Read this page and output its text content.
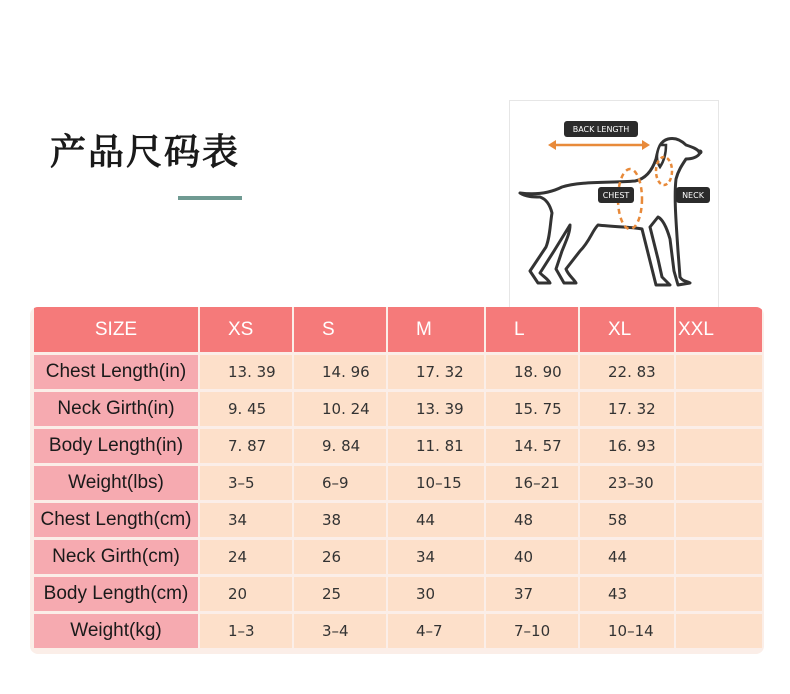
产品尺码表
BACK LENGTH
CHEST	NECK
SIZE	XS	S	M	L	XL	XXL
Chest Length(in)	13. 39	14. 96	17. 32	18. 90	22. 83	
Neck Girth(in)	9. 45	10. 24	13. 39	15. 75	17. 32	
Body Length(in)	7. 87	9. 84	11. 81	14. 57	16. 93	
Weight(lbs)	3–5	6–9	10–15	16–21	23–30	
Chest Length(cm)	34	38	44	48	58	
Neck Girth(cm)	24	26	34	40	44	
Body Length(cm)	20	25	30	37	43	
Weight(kg)	1–3	3–4	4–7	7–10	10–14	
